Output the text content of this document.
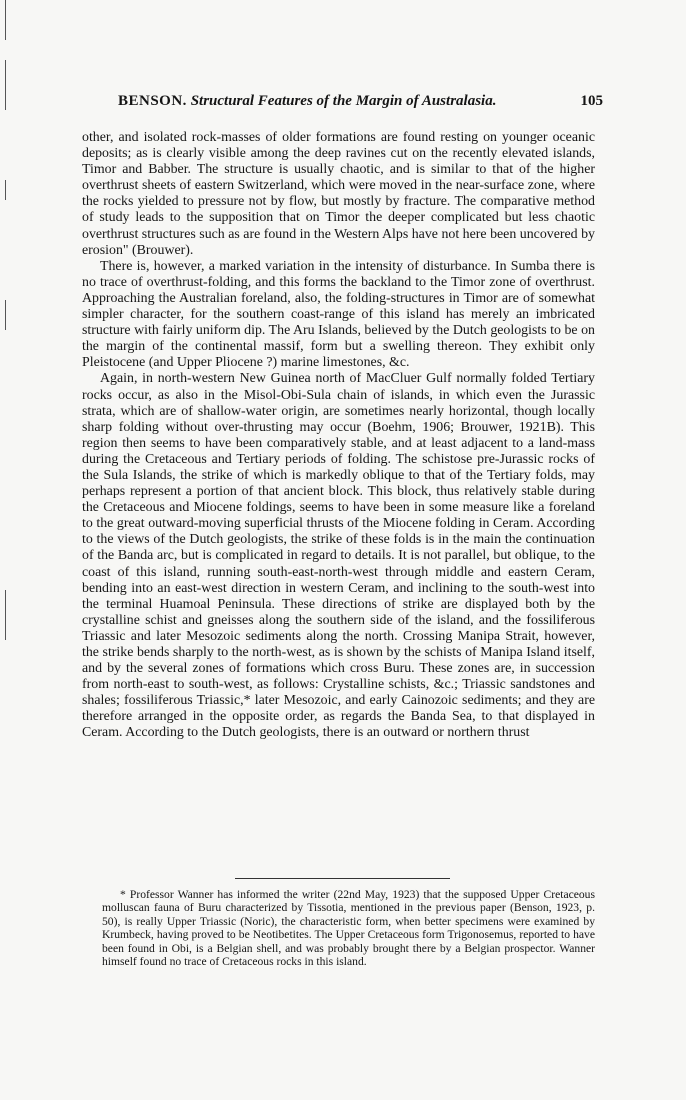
BENSON. Structural Features of the Margin of Australasia.	105

other, and isolated rock-masses of older formations are found resting on younger oceanic deposits; as is clearly visible among the deep ravines cut on the recently elevated islands, Timor and Babber. The structure is usually chaotic, and is similar to that of the higher overthrust sheets of eastern Switzerland, which were moved in the near-surface zone, where the rocks yielded to pressure not by flow, but mostly by fracture. The comparative method of study leads to the supposition that on Timor the deeper complicated but less chaotic overthrust structures such as are found in the Western Alps have not here been uncovered by erosion" (Brouwer).

There is, however, a marked variation in the intensity of disturbance. In Sumba there is no trace of overthrust-folding, and this forms the backland to the Timor zone of overthrust. Approaching the Australian foreland, also, the folding-structures in Timor are of somewhat simpler character, for the southern coast-range of this island has merely an imbricated structure with fairly uniform dip. The Aru Islands, believed by the Dutch geologists to be on the margin of the continental massif, form but a swelling thereon. They exhibit only Pleistocene (and Upper Pliocene ?) marine limestones, &c.

Again, in north-western New Guinea north of MacCluer Gulf normally folded Tertiary rocks occur, as also in the Misol-Obi-Sula chain of islands, in which even the Jurassic strata, which are of shallow-water origin, are sometimes nearly horizontal, though locally sharp folding without over-thrusting may occur (Boehm, 1906; Brouwer, 1921B). This region then seems to have been comparatively stable, and at least adjacent to a land-mass during the Cretaceous and Tertiary periods of folding. The schistose pre-Jurassic rocks of the Sula Islands, the strike of which is markedly oblique to that of the Tertiary folds, may perhaps represent a portion of that ancient block. This block, thus relatively stable during the Cretaceous and Miocene foldings, seems to have been in some measure like a foreland to the great outward-moving superficial thrusts of the Miocene folding in Ceram. According to the views of the Dutch geologists, the strike of these folds is in the main the continuation of the Banda arc, but is complicated in regard to details. It is not parallel, but oblique, to the coast of this island, running south-east-north-west through middle and eastern Ceram, bending into an east-west direction in western Ceram, and inclining to the south-west into the terminal Huamoal Peninsula. These directions of strike are displayed both by the crystalline schist and gneisses along the southern side of the island, and the fossiliferous Triassic and later Mesozoic sediments along the north. Crossing Manipa Strait, however, the strike bends sharply to the north-west, as is shown by the schists of Manipa Island itself, and by the several zones of formations which cross Buru. These zones are, in succession from north-east to south-west, as follows: Crystalline schists, &c.; Triassic sandstones and shales; fossiliferous Triassic,* later Mesozoic, and early Cainozoic sediments; and they are therefore arranged in the opposite order, as regards the Banda Sea, to that displayed in Ceram. According to the Dutch geologists, there is an outward or northern thrust

* Professor Wanner has informed the writer (22nd May, 1923) that the supposed Upper Cretaceous molluscan fauna of Buru characterized by Tissotia, mentioned in the previous paper (Benson, 1923, p. 50), is really Upper Triassic (Noric), the characteristic form, when better specimens were examined by Krumbeck, having proved to be Neotibetites. The Upper Cretaceous form Trigonosemus, reported to have been found in Obi, is a Belgian shell, and was probably brought there by a Belgian prospector. Wanner himself found no trace of Cretaceous rocks in this island.
